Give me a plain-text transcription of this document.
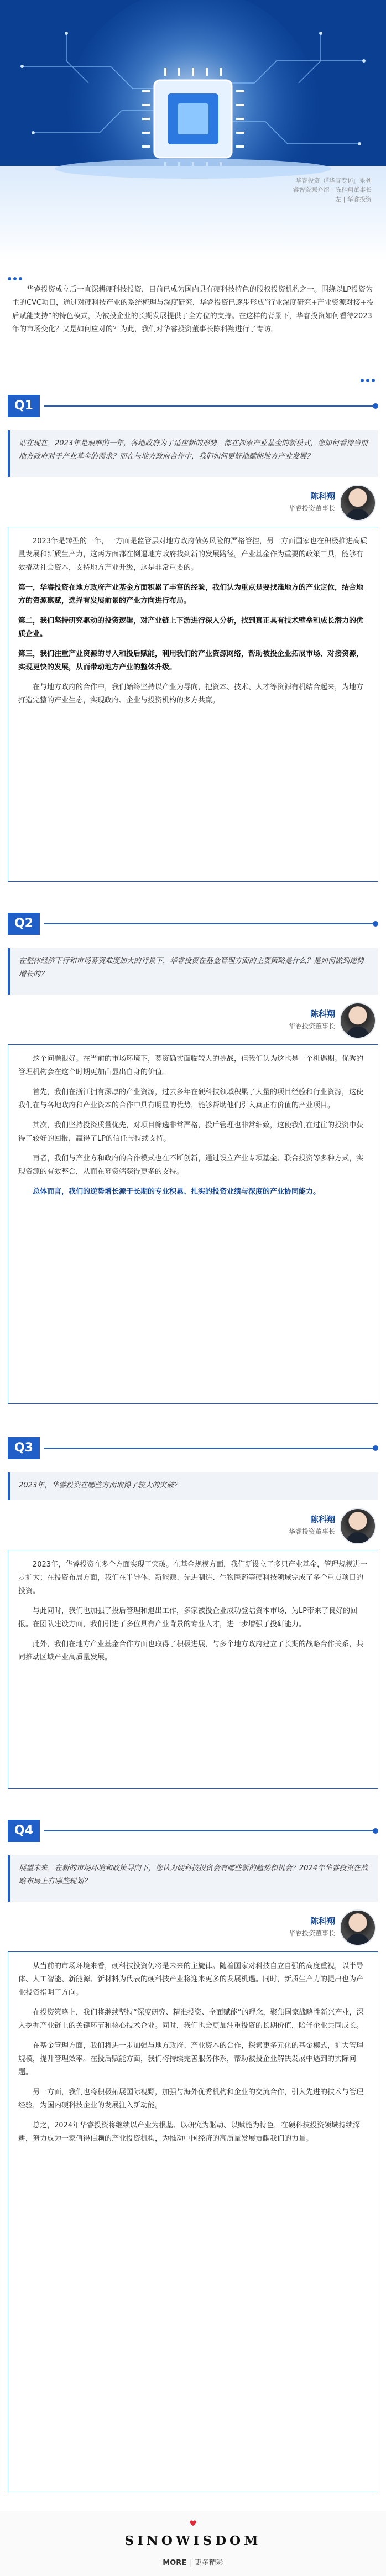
华睿投资（『华睿专访』系列
睿智资源介绍 · 陈科翔董事长
左 | 华睿投资

华睿投资成立后一直深耕硬科技投资，目前已成为国内具有硬科技特色的股权投资机构之一。围绕以LP投资为主的CVC项目，通过对硬科技产业的系统梳理与深度研究，华睿投资已逐步形成“行业深度研究+产业资源对接+投后赋能支持”的特色模式，为被投企业的长期发展提供了全方位的支持。在这样的背景下，华睿投资如何看待2023年的市场变化？又是如何应对的？为此，我们对华睿投资董事长陈科翔进行了专访。

Q1
站在现在，2023年是艰难的一年，各地政府为了适应新的形势，都在探索产业基金的新模式，您如何看待当前地方政府对于产业基金的需求？而在与地方政府合作中，我们如何更好地赋能地方产业发展？
陈科翔
华睿投资董事长

2023年是转型的一年，一方面是监管层对地方政府债务风险的严格管控，另一方面国家也在积极推进高质量发展和新质生产力，这两方面都在倒逼地方政府找到新的发展路径。产业基金作为重要的政策工具，能够有效撬动社会资本，支持地方产业升级，这是非常重要的。

第一，华睿投资在地方政府产业基金方面积累了丰富的经验，我们认为重点是要找准地方的产业定位，结合地方的资源禀赋，选择有发展前景的产业方向进行布局。

第二，我们坚持研究驱动的投资逻辑，对产业链上下游进行深入分析，找到真正具有技术壁垒和成长潜力的优质企业。

第三，我们注重产业资源的导入和投后赋能，利用我们的产业资源网络，帮助被投企业拓展市场、对接资源，实现更快的发展，从而带动地方产业的整体升级。

在与地方政府的合作中，我们始终坚持以产业为导向，把资本、技术、人才等资源有机结合起来，为地方打造完整的产业生态，实现政府、企业与投资机构的多方共赢。

Q2
在整体经济下行和市场募资难度加大的背景下，华睿投资在基金管理方面的主要策略是什么？是如何做到逆势增长的？
陈科翔
华睿投资董事长

这个问题很好。在当前的市场环境下，募资确实面临较大的挑战，但我们认为这也是一个机遇期。优秀的管理机构会在这个时期更加凸显出自身的价值。

首先，我们在浙江拥有深厚的产业资源，过去多年在硬科技领域积累了大量的项目经验和行业资源，这使我们在与各地政府和产业资本的合作中具有明显的优势，能够帮助他们引入真正有价值的产业项目。

其次，我们坚持投资质量优先，对项目筛选非常严格，投后管理也非常细致，这使我们在过往的投资中获得了较好的回报，赢得了LP的信任与持续支持。

再者，我们与产业方和政府的合作模式也在不断创新，通过设立产业专项基金、联合投资等多种方式，实现资源的有效整合，从而在募资端获得更多的支持。

总体而言，我们的逆势增长源于长期的专业积累、扎实的投资业绩与深度的产业协同能力。

Q3
2023年，华睿投资在哪些方面取得了较大的突破？
陈科翔
华睿投资董事长

2023年，华睿投资在多个方面实现了突破。在基金规模方面，我们新设立了多只产业基金，管理规模进一步扩大；在投资布局方面，我们在半导体、新能源、先进制造、生物医药等硬科技领域完成了多个重点项目的投资。

与此同时，我们也加强了投后管理和退出工作，多家被投企业成功登陆资本市场，为LP带来了良好的回报。在团队建设方面，我们引进了多位具有产业背景的专业人才，进一步增强了投研能力。

此外，我们在地方产业基金合作方面也取得了积极进展，与多个地方政府建立了长期的战略合作关系，共同推动区域产业高质量发展。

Q4
展望未来，在新的市场环境和政策导向下，您认为硬科技投资会有哪些新的趋势和机会？2024年华睿投资在战略布局上有哪些规划？
陈科翔
华睿投资董事长

从当前的市场环境来看，硬科技投资仍将是未来的主旋律。随着国家对科技自立自强的高度重视，以半导体、人工智能、新能源、新材料为代表的硬科技产业将迎来更多的发展机遇。同时，新质生产力的提出也为产业投资指明了方向。

在投资策略上，我们将继续坚持“深度研究、精准投资、全面赋能”的理念，聚焦国家战略性新兴产业，深入挖掘产业链上的关键环节和核心技术企业。同时，我们也会更加注重投资的长期价值，陪伴企业共同成长。

在基金管理方面，我们将进一步加强与地方政府、产业资本的合作，探索更多元化的基金模式，扩大管理规模，提升管理效率。在投后赋能方面，我们将持续完善服务体系，帮助被投企业解决发展中遇到的实际问题。

另一方面，我们也将积极拓展国际视野，加强与海外优秀机构和企业的交流合作，引入先进的技术与管理经验，为国内硬科技企业的发展注入新动能。

总之，2024年华睿投资将继续以产业为根基、以研究为驱动、以赋能为特色，在硬科技投资领域持续深耕，努力成为一家值得信赖的产业投资机构，为推动中国经济的高质量发展贡献我们的力量。

SINOWISDOM
MORE | 更多精彩
